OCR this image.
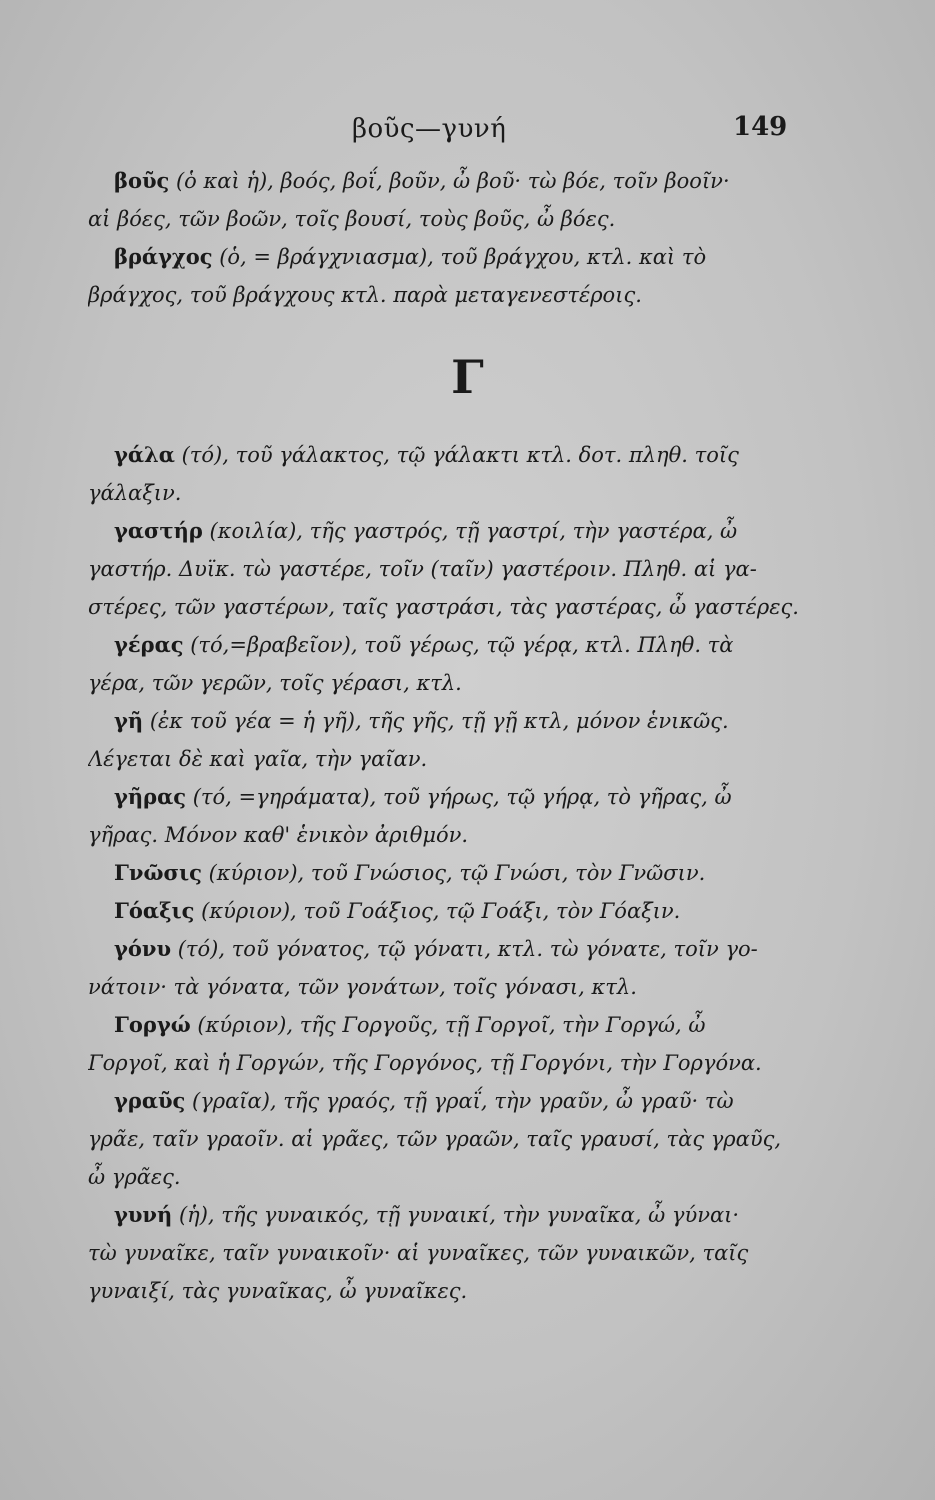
βοῦς—γυνή	149

βοῦς (ὁ καὶ ἡ), βοός, βοΐ, βοῦν, ὦ βοῦ· τὼ βόε, τοῖν βοοῖν·

αἱ βόες, τῶν βοῶν, τοῖς βουσί, τοὺς βοῦς, ὦ βόες.

βράγχος (ὁ, = βράγχνιασμα), τοῦ βράγχου, κτλ. καὶ τὸ

βράγχος, τοῦ βράγχους κτλ. παρὰ μεταγενεστέροις.

Γ

γάλα (τό), τοῦ γάλακτος, τῷ γάλακτι κτλ. δοτ. πληθ. τοῖς

γάλαξιν.

γαστήρ (κοιλία), τῆς γαστρός, τῇ γαστρί, τὴν γαστέρα, ὦ

γαστήρ. Δυϊκ. τὼ γαστέρε, τοῖν (ταῖν) γαστέροιν. Πληθ. αἱ γα-

στέρες, τῶν γαστέρων, ταῖς γαστράσι, τὰς γαστέρας, ὦ γαστέρες.

γέρας (τό,=βραβεῖον), τοῦ γέρως, τῷ γέρᾳ, κτλ. Πληθ. τὰ

γέρα, τῶν γερῶν, τοῖς γέρασι, κτλ.

γῆ (ἐκ τοῦ γέα = ἡ γῆ), τῆς γῆς, τῇ γῇ κτλ, μόνον ἑνικῶς.

Λέγεται δὲ καὶ γαῖα, τὴν γαῖαν.

γῆρας (τό, =γηράματα), τοῦ γήρως, τῷ γήρᾳ, τὸ γῆρας, ὦ

γῆρας. Μόνον καθ' ἑνικὸν ἀριθμόν.

Γνῶσις (κύριον), τοῦ Γνώσιος, τῷ Γνώσι, τὸν Γνῶσιν.

Γόαξις (κύριον), τοῦ Γοάξιος, τῷ Γοάξι, τὸν Γόαξιν.

γόνυ (τό), τοῦ γόνατος, τῷ γόνατι, κτλ. τὼ γόνατε, τοῖν γο-

νάτοιν· τὰ γόνατα, τῶν γονάτων, τοῖς γόνασι, κτλ.

Γοργώ (κύριον), τῆς Γοργοῦς, τῇ Γοργοῖ, τὴν Γοργώ, ὦ

Γοργοῖ, καὶ ἡ Γοργών, τῆς Γοργόνος, τῇ Γοργόνι, τὴν Γοργόνα.

γραῦς (γραῖα), τῆς γραός, τῇ γραΐ, τὴν γραῦν, ὦ γραῦ· τὼ

γρᾶε, ταῖν γραοῖν. αἱ γρᾶες, τῶν γραῶν, ταῖς γραυσί, τὰς γραῦς,

ὦ γρᾶες.

γυνή (ἡ), τῆς γυναικός, τῇ γυναικί, τὴν γυναῖκα, ὦ γύναι·

τὼ γυναῖκε, ταῖν γυναικοῖν· αἱ γυναῖκες, τῶν γυναικῶν, ταῖς

γυναιξί, τὰς γυναῖκας, ὦ γυναῖκες.
